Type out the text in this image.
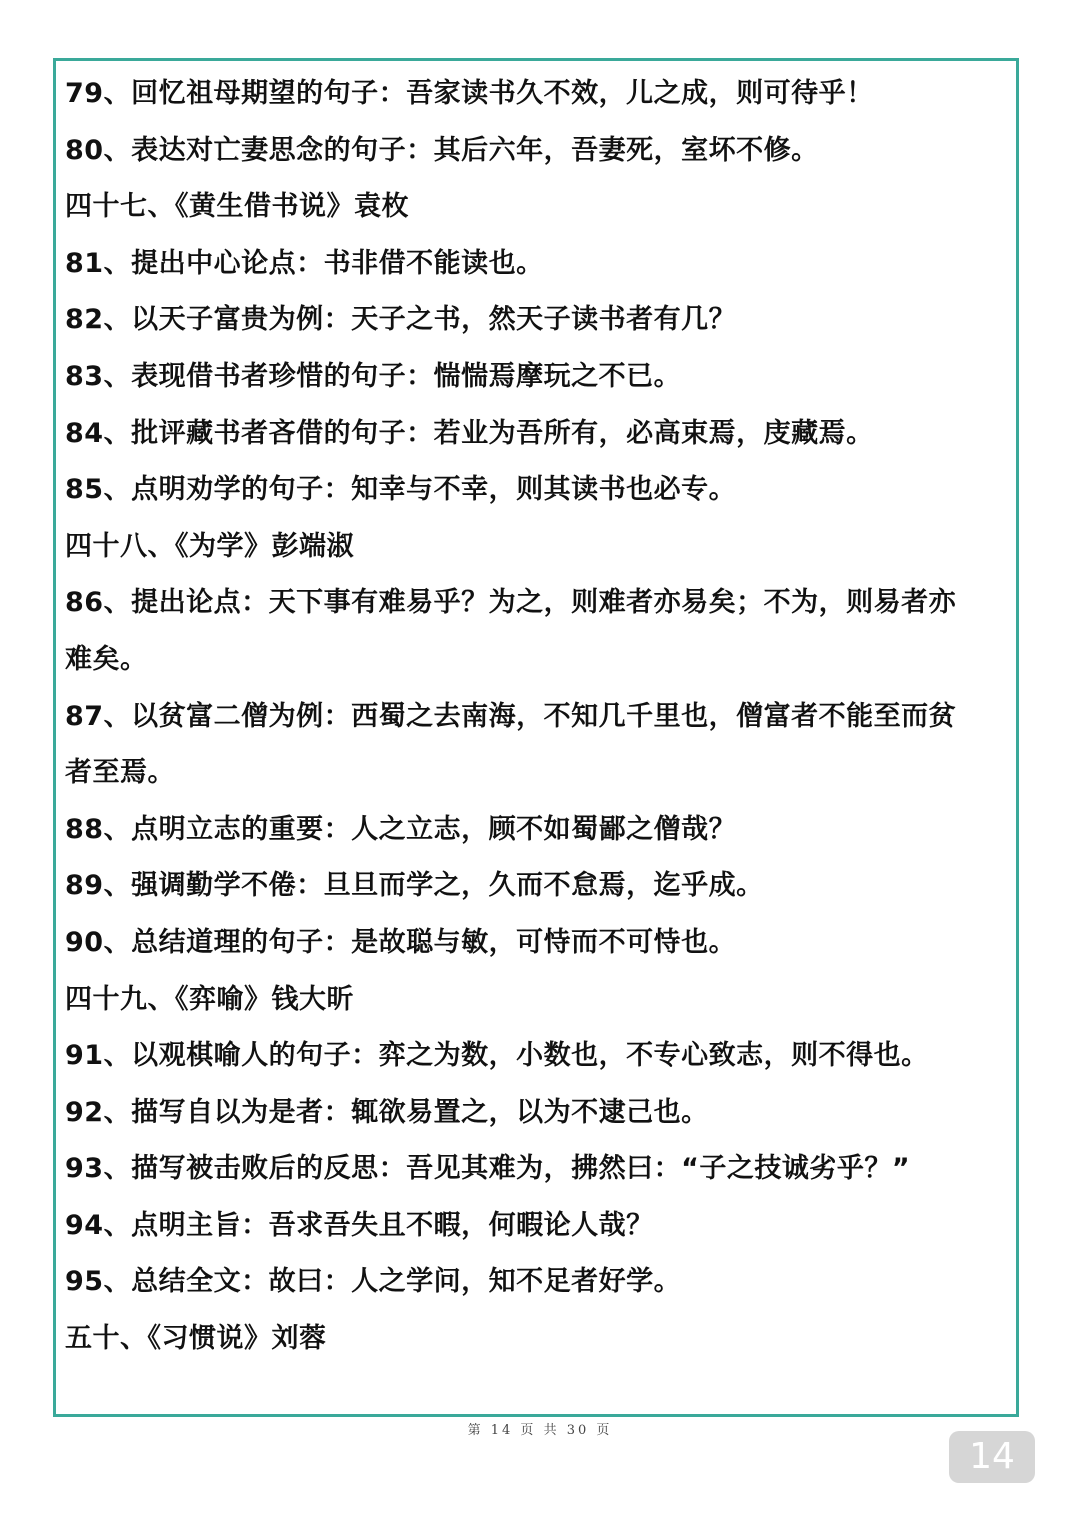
79、回忆祖母期望的句子：吾家读书久不效，儿之成，则可待乎！
80、表达对亡妻思念的句子：其后六年，吾妻死，室坏不修。
四十七、《黄生借书说》袁枚
81、提出中心论点：书非借不能读也。
82、以天子富贵为例：天子之书，然天子读书者有几？
83、表现借书者珍惜的句子：惴惴焉摩玩之不已。
84、批评藏书者吝借的句子：若业为吾所有，必高束焉，庋藏焉。
85、点明劝学的句子：知幸与不幸，则其读书也必专。
四十八、《为学》彭端淑
86、提出论点：天下事有难易乎？为之，则难者亦易矣；不为，则易者亦
难矣。
87、以贫富二僧为例：西蜀之去南海，不知几千里也，僧富者不能至而贫
者至焉。
88、点明立志的重要：人之立志，顾不如蜀鄙之僧哉？
89、强调勤学不倦：旦旦而学之，久而不怠焉，迄乎成。
90、总结道理的句子：是故聪与敏，可恃而不可恃也。
四十九、《弈喻》钱大昕
91、以观棋喻人的句子：弈之为数，小数也，不专心致志，则不得也。
92、描写自以为是者：辄欲易置之，以为不逮己也。
93、描写被击败后的反思：吾见其难为，拂然曰：“子之技诚劣乎？”
94、点明主旨：吾求吾失且不暇，何暇论人哉？
95、总结全文：故曰：人之学问，知不足者好学。
五十、《习惯说》刘蓉
第 14 页 共 30 页
14
